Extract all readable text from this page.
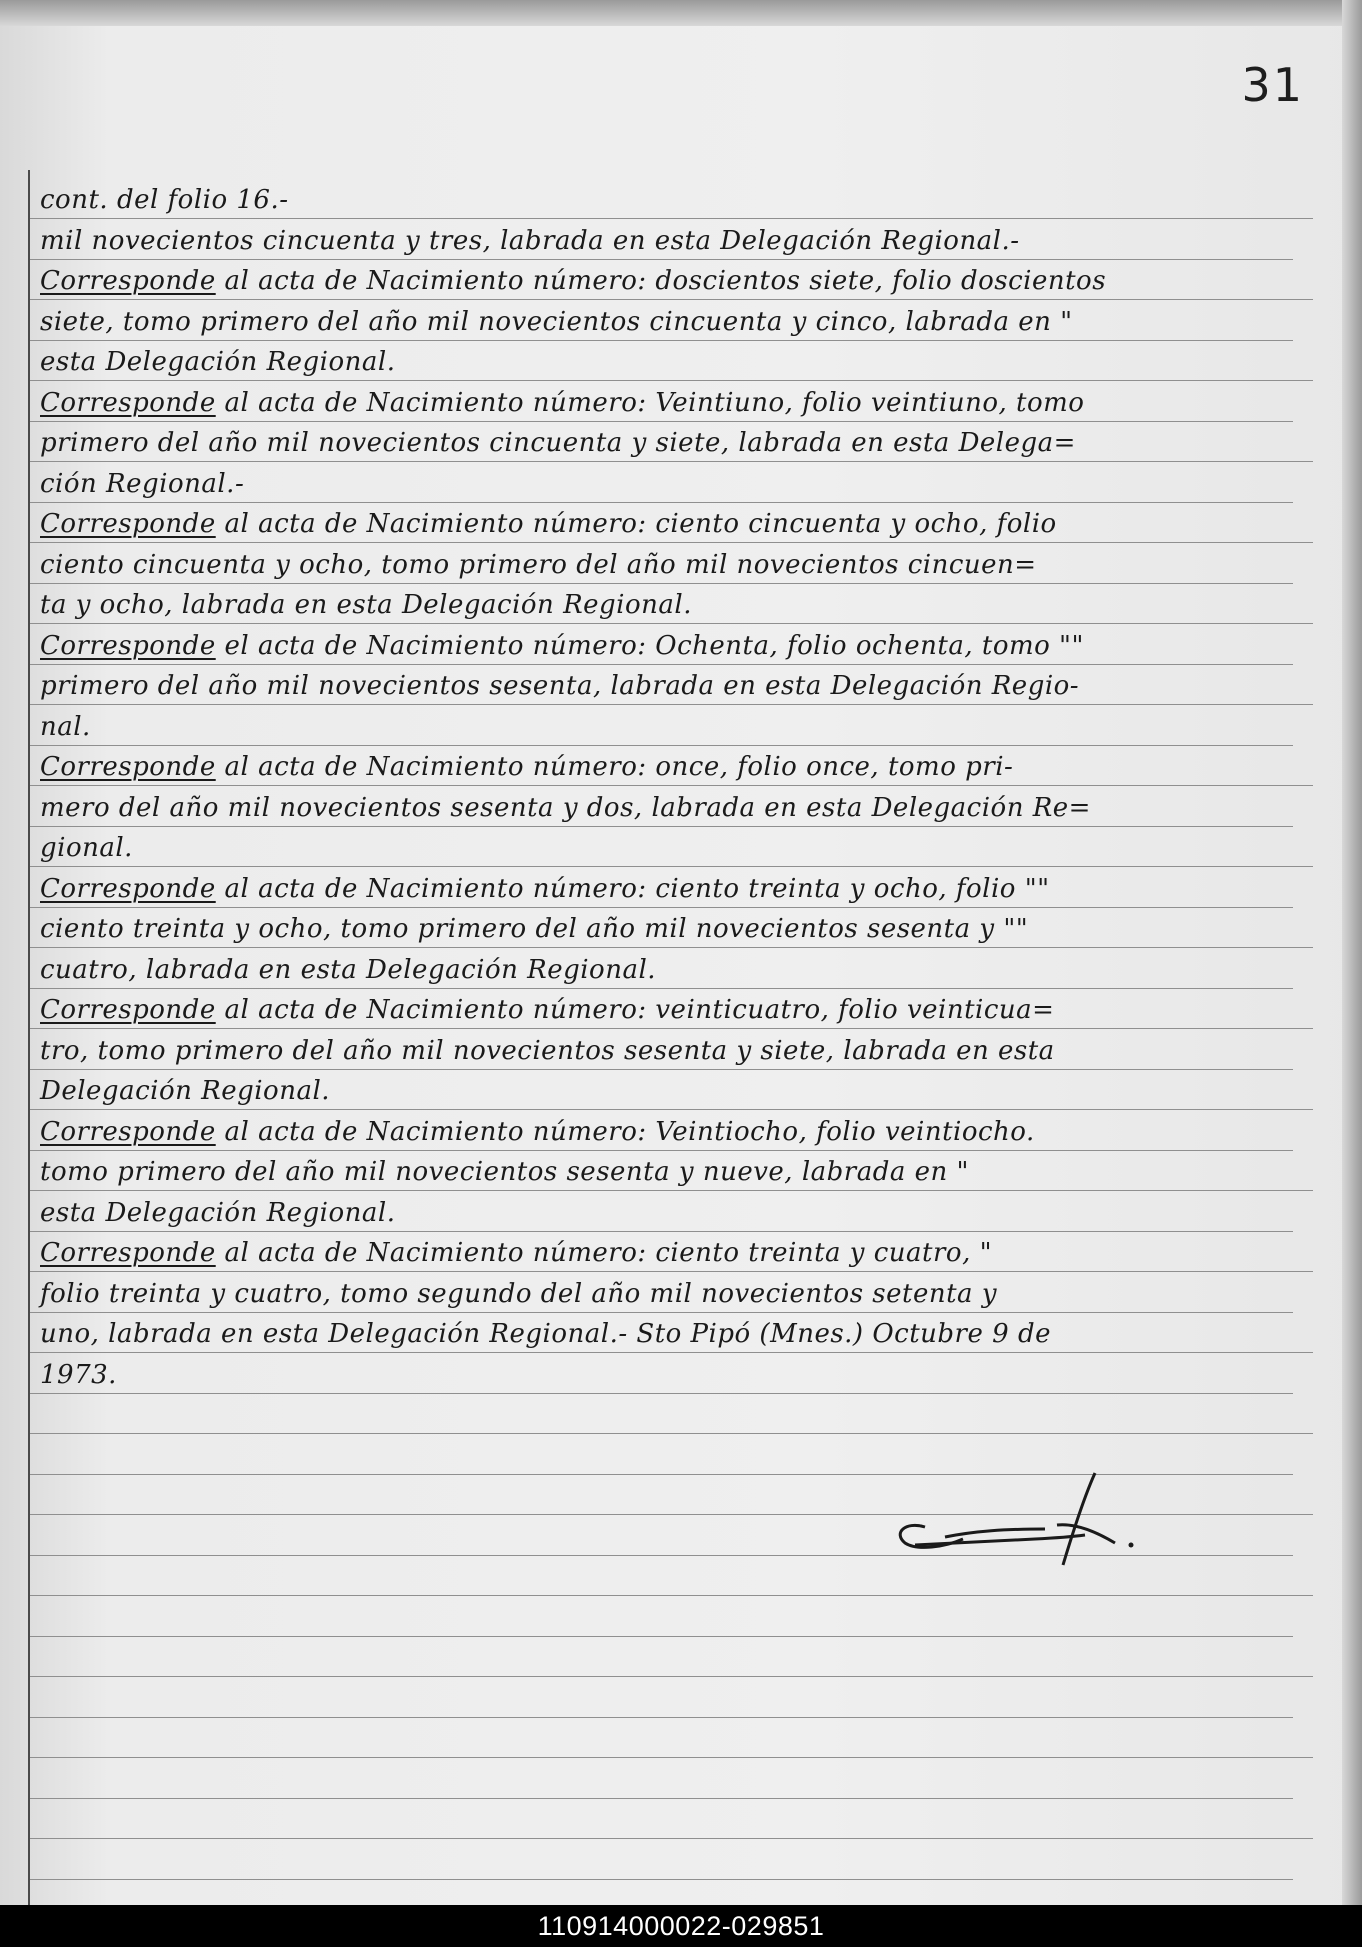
31
cont. del folio 16.-
mil novecientos cincuenta y tres, labrada en esta Delegación Regional.-
Corresponde al acta de Nacimiento número: doscientos siete, folio doscientos
siete, tomo primero del año mil novecientos cincuenta y cinco, labrada en "
esta Delegación Regional.
Corresponde al acta de Nacimiento número: Veintiuno, folio veintiuno, tomo
primero del año mil novecientos cincuenta y siete, labrada en esta Delega=
ción Regional.-
Corresponde al acta de Nacimiento número: ciento cincuenta y ocho, folio
ciento cincuenta y ocho, tomo primero del año mil novecientos cincuen=
ta y ocho, labrada en esta Delegación Regional.
Corresponde el acta de Nacimiento número: Ochenta, folio ochenta, tomo ""
primero del año mil novecientos sesenta, labrada en esta Delegación Regio-
nal.
Corresponde al acta de Nacimiento número: once, folio once, tomo pri-
mero del año mil novecientos sesenta y dos, labrada en esta Delegación Re=
gional.
Corresponde al acta de Nacimiento número: ciento treinta y ocho, folio ""
ciento treinta y ocho, tomo primero del año mil novecientos sesenta y ""
cuatro, labrada en esta Delegación Regional.
Corresponde al acta de Nacimiento número: veinticuatro, folio veinticua=
tro, tomo primero del año mil novecientos sesenta y siete, labrada en esta
Delegación Regional.
Corresponde al acta de Nacimiento número: Veintiocho, folio veintiocho.
tomo primero del año mil novecientos sesenta y nueve, labrada en "
esta Delegación Regional.
Corresponde al acta de Nacimiento número: ciento treinta y cuatro, "
folio treinta y cuatro, tomo segundo del año mil novecientos setenta y
uno, labrada en esta Delegación Regional.- Sto Pipó (Mnes.) Octubre 9 de
1973.
110914000022-029851
